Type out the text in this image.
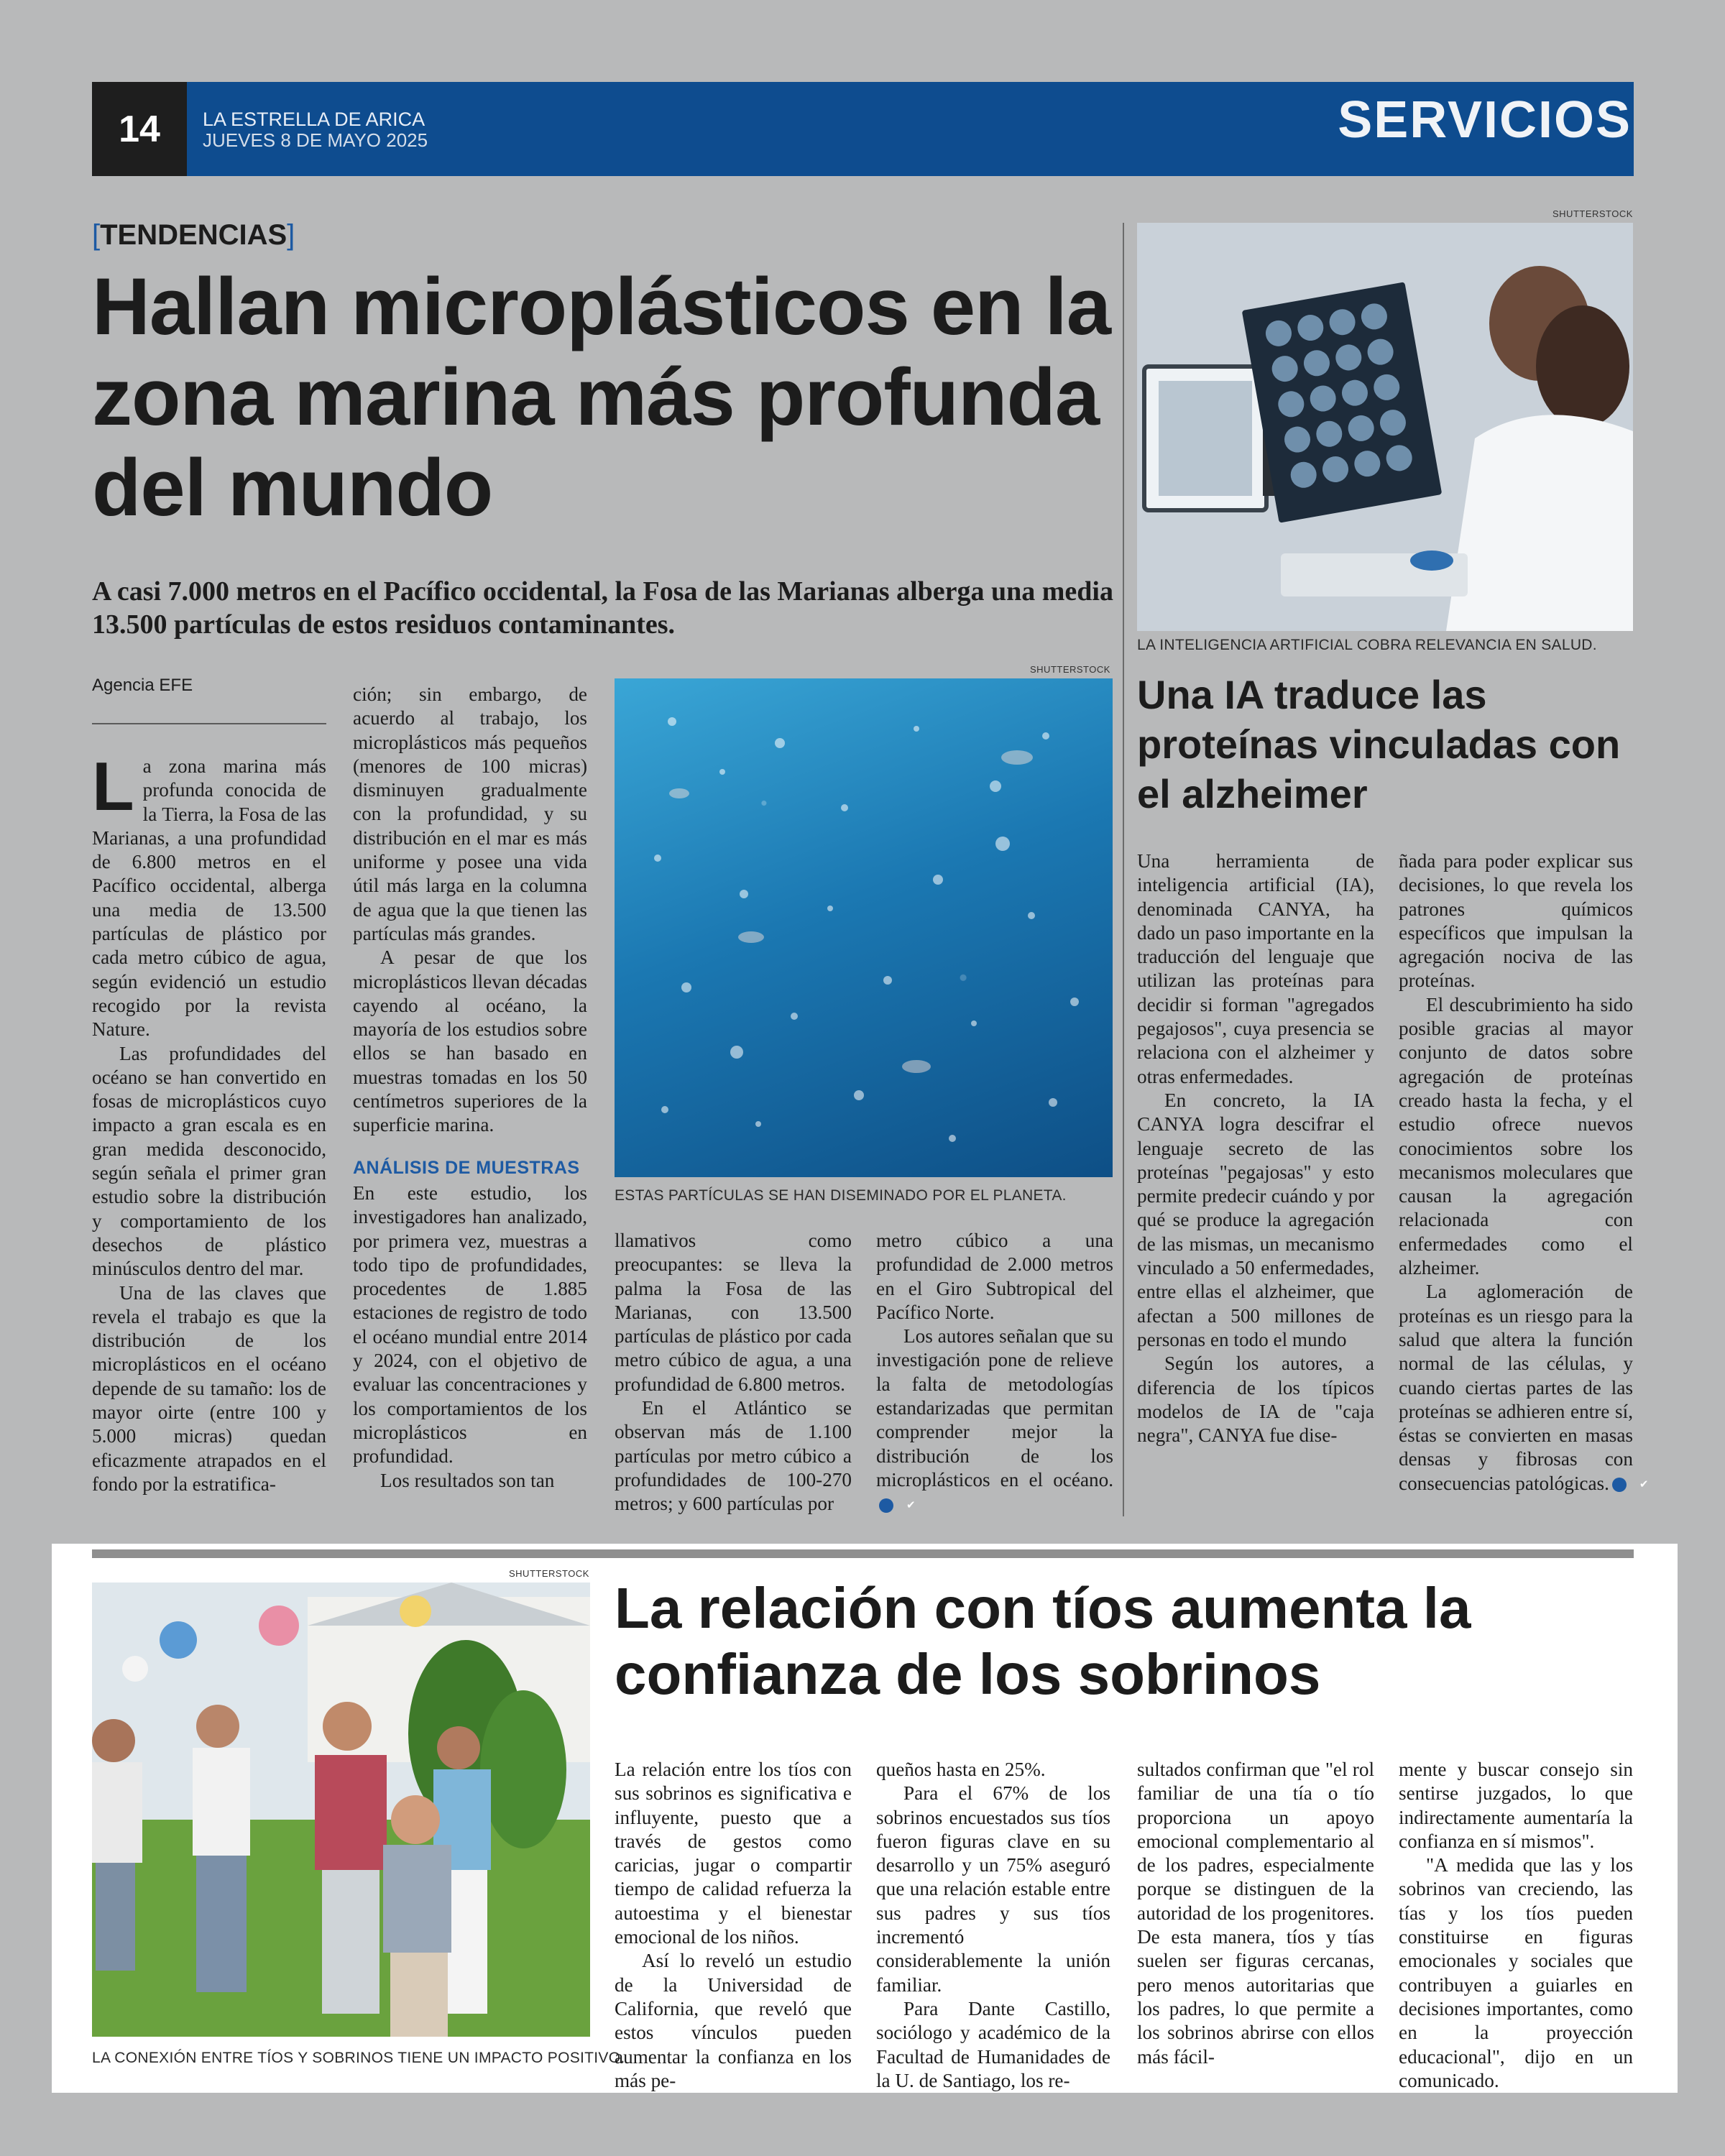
14	LA ESTRELLA DE ARICA
JUEVES 8 DE MAYO 2025	SERVICIOS
[TENDENCIAS]
Hallan microplásticos en la zona marina más profunda del mundo
A casi 7.000 metros en el Pacífico occidental, la Fosa de las Marianas alberga una media 13.500 partículas de estos residuos contaminantes.
Agencia EFE

La zona marina más profunda conocida de la Tierra, la Fosa de las Marianas, a una profundidad de 6.800 metros en el Pacífico occidental, alberga una media de 13.500 partículas de plástico por cada metro cúbico de agua, según evidenció un estudio recogido por la revista Nature.

Las profundidades del océano se han convertido en fosas de microplásticos cuyo impacto a gran escala es en gran medida desconocido, según señala el primer gran estudio sobre la distribución y comportamiento de los desechos de plástico minúsculos dentro del mar.

Una de las claves que revela el trabajo es que la distribución de los microplásticos en el océano depende de su tamaño: los de mayor oirte (entre 100 y 5.000 micras) quedan eficazmente atrapados en el fondo por la estratifica-

ción; sin embargo, de acuerdo al trabajo, los microplásticos más pequeños (menores de 100 micras) disminuyen gradualmente con la profundidad, y su distribución en el mar es más uniforme y posee una vida útil más larga en la columna de agua que la que tienen las partículas más grandes.

A pesar de que los microplásticos llevan décadas cayendo al océano, la mayoría de los estudios sobre ellos se han basado en muestras tomadas en los 50 centímetros superiores de la superficie marina.

ANÁLISIS DE MUESTRAS

En este estudio, los investigadores han analizado, por primera vez, muestras a todo tipo de profundidades, procedentes de 1.885 estaciones de registro de todo el océano mundial entre 2014 y 2024, con el objetivo de evaluar las concentraciones y los comportamientos de los microplásticos en profundidad.

Los resultados son tan

SHUTTERSTOCK
ESTAS PARTÍCULAS SE HAN DISEMINADO POR EL PLANETA.

llamativos como preocupantes: se lleva la palma la Fosa de las Marianas, con 13.500 partículas de plástico por cada metro cúbico de agua, a una profundidad de 6.800 metros.

En el Atlántico se observan más de 1.100 partículas por metro cúbico a profundidades de 100-270 metros; y 600 partículas por

metro cúbico a una profundidad de 2.000 metros en el Giro Subtropical del Pacífico Norte.

Los autores señalan que su investigación pone de relieve la falta de metodologías estandarizadas que permitan comprender mejor la distribución de los microplásticos en el océano.✔

SHUTTERSTOCK
LA INTELIGENCIA ARTIFICIAL COBRA RELEVANCIA EN SALUD.
Una IA traduce las proteínas vinculadas con el alzheimer

Una herramienta de inteligencia artificial (IA), denominada CANYA, ha dado un paso importante en la traducción del lenguaje que utilizan las proteínas para decidir si forman "agregados pegajosos", cuya presencia se relaciona con el alzheimer y otras enfermedades.

En concreto, la IA CANYA logra descifrar el lenguaje secreto de las proteínas "pegajosas" y esto permite predecir cuándo y por qué se produce la agregación de las mismas, un mecanismo vinculado a 50 enfermedades, entre ellas el alzheimer, que afectan a 500 millones de personas en todo el mundo

Según los autores, a diferencia de los típicos modelos de IA de "caja negra", CANYA fue dise-

ñada para poder explicar sus decisiones, lo que revela los patrones químicos específicos que impulsan la agregación nociva de las proteínas.

El descubrimiento ha sido posible gracias al mayor conjunto de datos sobre agregación de proteínas creado hasta la fecha, y el estudio ofrece nuevos conocimientos sobre los mecanismos moleculares que causan la agregación relacionada con enfermedades como el alzheimer.

La aglomeración de proteínas es un riesgo para la salud que altera la función normal de las células, y cuando ciertas partes de las proteínas se adhieren entre sí, éstas se convierten en masas densas y fibrosas con consecuencias patológicas.	✔

SHUTTERSTOCK
LA CONEXIÓN ENTRE TÍOS Y SOBRINOS TIENE UN IMPACTO POSITIVO.
La relación con tíos aumenta la confianza de los sobrinos

La relación entre los tíos con sus sobrinos es significativa e influyente, puesto que a través de gestos como caricias, jugar o compartir tiempo de calidad refuerza la autoestima y el bienestar emocional de los niños.

Así lo reveló un estudio de la Universidad de California, que reveló que estos vínculos pueden aumentar la confianza en los más pe-

queños hasta en 25%.

Para el 67% de los sobrinos encuestados sus tíos fueron figuras clave en su desarrollo y un 75% aseguró que una relación estable entre sus padres y sus tíos incrementó considerablemente la unión familiar.

Para Dante Castillo, sociólogo y académico de la Facultad de Humanidades de la U. de Santiago, los re-

sultados confirman que "el rol familiar de una tía o tío proporciona un apoyo emocional complementario al de los padres, especialmente porque se distinguen de la autoridad de los progenitores. De esta manera, tíos y tías suelen ser figuras cercanas, pero menos autoritarias que los padres, lo que permite a los sobrinos abrirse con ellos más fácil-

mente y buscar consejo sin sentirse juzgados, lo que indirectamente aumentaría la confianza en sí mismos".

"A medida que las y los sobrinos van creciendo, las tías y los tíos pueden constituirse en figuras emocionales y sociales que contribuyen a guiarles en decisiones importantes, como en la proyección educacional", dijo en un comunicado.
